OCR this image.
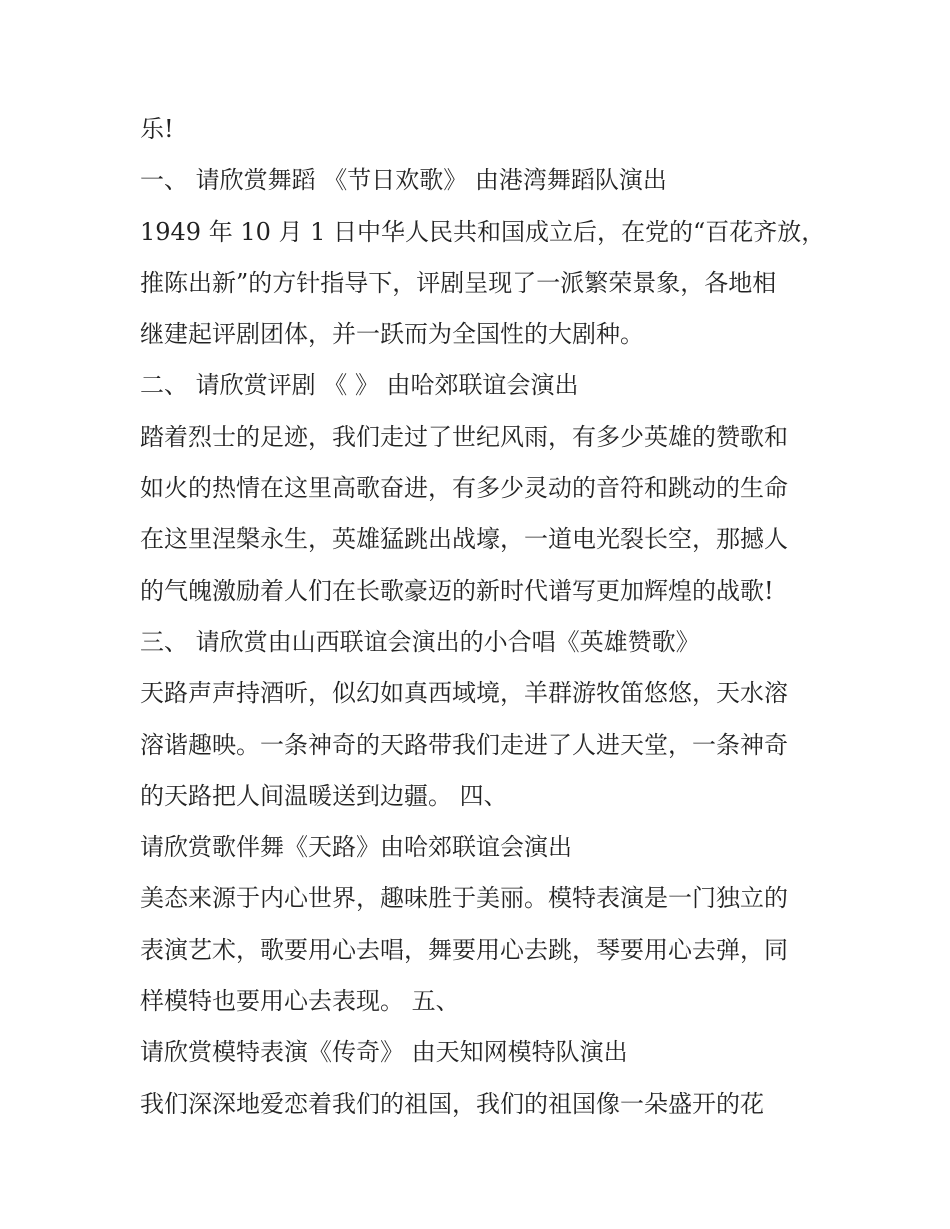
乐!

一、 请欣赏舞蹈 《节日欢歌》 由港湾舞蹈队演出

1949 年 10 月 1 日中华人民共和国成立后，在党的“百花齐放，

推陈出新”的方针指导下，评剧呈现了一派繁荣景象，各地相

继建起评剧团体，并一跃而为全国性的大剧种。

二、 请欣赏评剧 《 》 由哈郊联谊会演出

踏着烈士的足迹，我们走过了世纪风雨，有多少英雄的赞歌和

如火的热情在这里高歌奋进，有多少灵动的音符和跳动的生命

在这里涅槃永生，英雄猛跳出战壕，一道电光裂长空，那撼人

的气魄激励着人们在长歌豪迈的新时代谱写更加辉煌的战歌!

三、 请欣赏由山西联谊会演出的小合唱《英雄赞歌》

天路声声持酒听，似幻如真西域境，羊群游牧笛悠悠，天水溶

溶谐趣映。一条神奇的天路带我们走进了人进天堂，一条神奇

的天路把人间温暖送到边疆。 四、

请欣赏歌伴舞《天路》由哈郊联谊会演出

美态来源于内心世界，趣味胜于美丽。模特表演是一门独立的

表演艺术，歌要用心去唱，舞要用心去跳，琴要用心去弹，同

样模特也要用心去表现。 五、

请欣赏模特表演《传奇》 由天知网模特队演出

我们深深地爱恋着我们的祖国，我们的祖国像一朵盛开的花
